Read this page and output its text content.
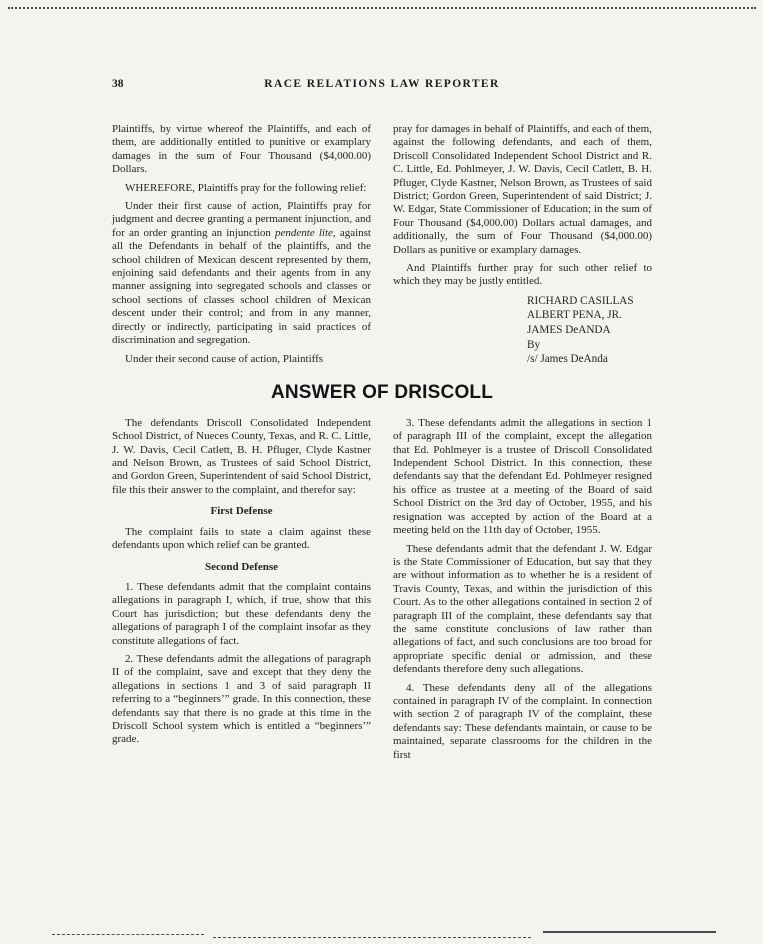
38	RACE RELATIONS LAW REPORTER

Plaintiffs, by virtue whereof the Plaintiffs, and each of them, are additionally entitled to punitive or examplary damages in the sum of Four Thousand ($4,000.00) Dollars.

WHEREFORE, Plaintiffs pray for the following relief:

Under their first cause of action, Plaintiffs pray for judgment and decree granting a permanent injunction, and for an order granting an injunction pendente lite, against all the Defendants in behalf of the plaintiffs, and the school children of Mexican descent represented by them, enjoining said defendants and their agents from in any manner assigning into segregated schools and classes or school sections of classes school children of Mexican descent under their control; and from in any manner, directly or indirectly, participating in said practices of discrimination and segregation.

Under their second cause of action, Plaintiffs

pray for damages in behalf of Plaintiffs, and each of them, against the following defendants, and each of them, Driscoll Consolidated Independent School District and R. C. Little, Ed. Pohlmeyer, J. W. Davis, Cecil Catlett, B. H. Pfluger, Clyde Kastner, Nelson Brown, as Trustees of said District; Gordon Green, Superintendent of said District; J. W. Edgar, State Commissioner of Education; in the sum of Four Thousand ($4,000.00) Dollars actual damages, and additionally, the sum of Four Thousand ($4,000.00) Dollars as punitive or examplary damages.

And Plaintiffs further pray for such other relief to which they may be justly entitled.

RICHARD CASILLAS
ALBERT PENA, JR.
JAMES DeANDA
By
/s/ James DeAnda
ANSWER OF DRISCOLL

The defendants Driscoll Consolidated Independent School District, of Nueces County, Texas, and R. C. Little, J. W. Davis, Cecil Catlett, B. H. Pfluger, Clyde Kastner and Nelson Brown, as Trustees of said School District, and Gordon Green, Superintendent of said School District, file this their answer to the complaint, and therefor say:

First Defense

The complaint fails to state a claim against these defendants upon which relief can be granted.

Second Defense

1. These defendants admit that the complaint contains allegations in paragraph I, which, if true, show that this Court has jurisdiction; but these defendants deny the allegations of paragraph I of the complaint insofar as they constitute allegations of fact.

2. These defendants admit the allegations of paragraph II of the complaint, save and except that they deny the allegations in sections 1 and 3 of said paragraph II referring to a “beginners’” grade. In this connection, these defendants say that there is no grade at this time in the Driscoll School system which is entitled a “beginners’” grade.

3. These defendants admit the allegations in section 1 of paragraph III of the complaint, except the allegation that Ed. Pohlmeyer is a trustee of Driscoll Consolidated Independent School District. In this connection, these defendants say that the defendant Ed. Pohlmeyer resigned his office as trustee at a meeting of the Board of said School District on the 3rd day of October, 1955, and his resignation was accepted by action of the Board at a meeting held on the 11th day of October, 1955.

These defendants admit that the defendant J. W. Edgar is the State Commissioner of Education, but say that they are without information as to whether he is a resident of Travis County, Texas, and within the jurisdiction of this Court. As to the other allegations contained in section 2 of paragraph III of the complaint, these defendants say that the same constitute conclusions of law rather than allegations of fact, and such conclusions are too broad for appropriate specific denial or admission, and these defendants therefore deny such allegations.

4. These defendants deny all of the allegations contained in paragraph IV of the complaint. In connection with section 2 of paragraph IV of the complaint, these defendants say: These defendants maintain, or cause to be maintained, separate classrooms for the children in the first
